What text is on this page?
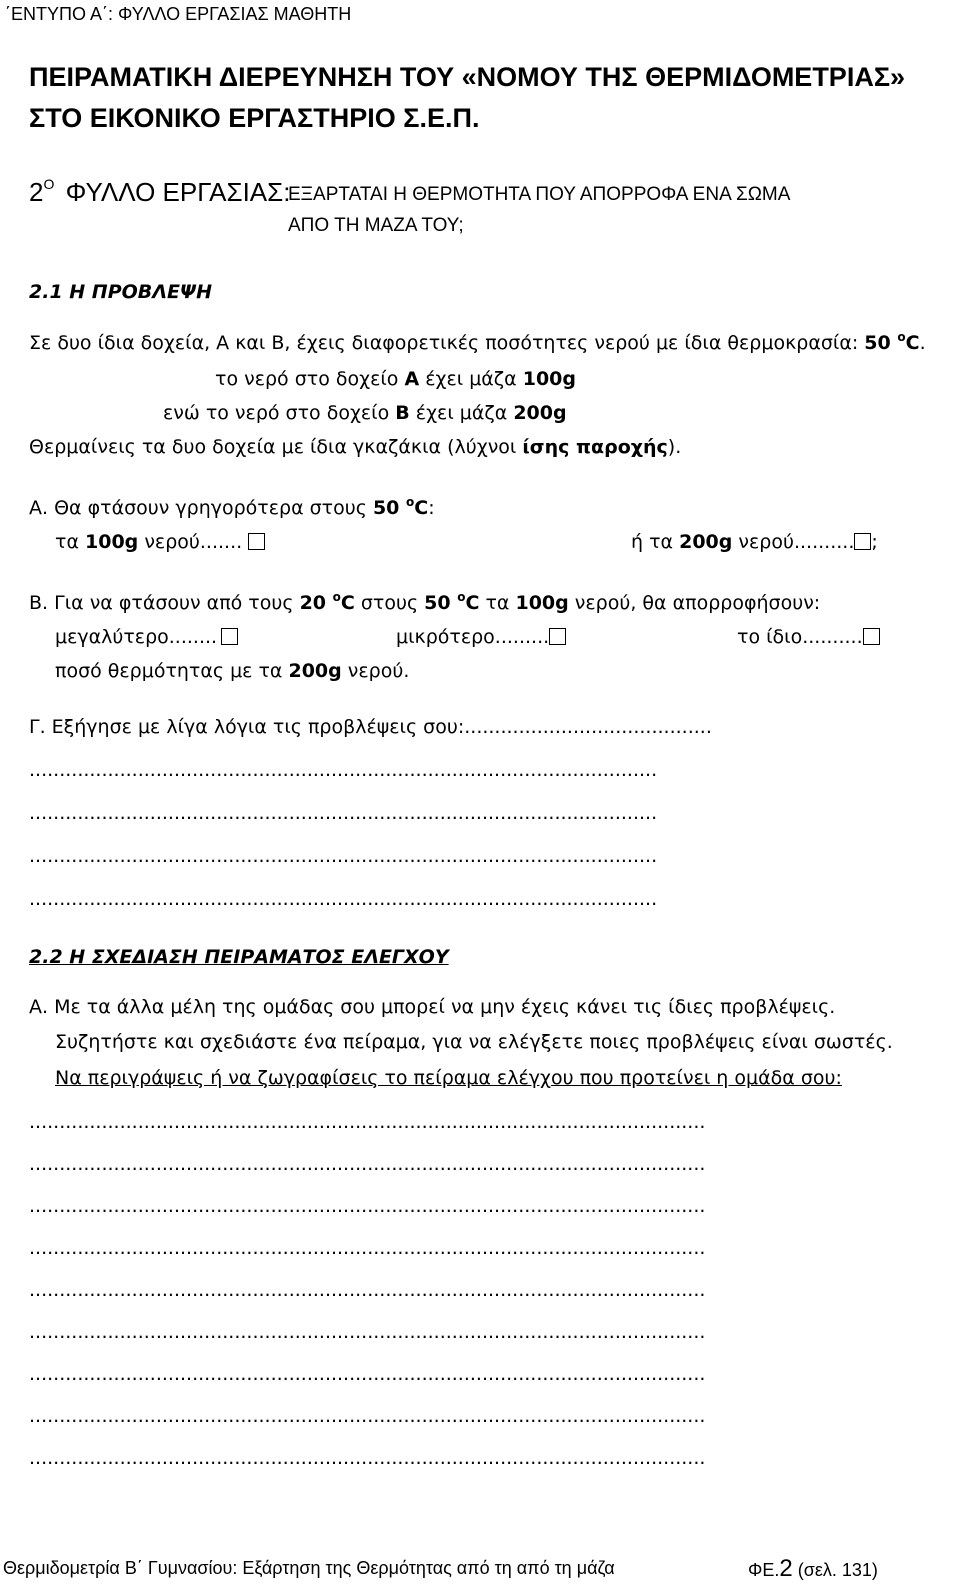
΄ΕΝΤΥΠΟ Α΄: ΦΥΛΛΟ ΕΡΓΑΣΙΑΣ ΜΑΘΗΤΗ
ΠΕΙΡΑΜΑΤΙΚΗ ΔΙΕΡΕΥΝΗΣΗ ΤΟΥ «ΝΟΜΟΥ ΤΗΣ ΘΕΡΜΙΔΟΜΕΤΡΙΑΣ»
ΣΤΟ ΕΙΚΟΝΙΚΟ ΕΡΓΑΣΤΗΡΙΟ Σ.Ε.Π.
$2^O$ ΦΥΛΛΟ ΕΡΓΑΣΙΑΣ:
ΕΞΑΡΤΑΤΑΙ Η ΘΕΡΜΟΤΗΤΑ ΠΟΥ ΑΠΟΡΡΟΦΑ ΕΝΑ ΣΩΜΑ
ΑΠΟ ΤΗ ΜΑΖΑ ΤΟΥ;
2.1 Η ΠΡΟΒΛΕΨΗ
Σε δυο ίδια δοχεία, Α και Β, έχεις διαφορετικές ποσότητες νερού με ίδια θερμοκρασία: 50 $^o$C.
το νερό στο δοχείο Α έχει μάζα 100g
ενώ το νερό στο δοχείο Β έχει μάζα 200g
Θερμαίνεις τα δυο δοχεία με ίδια γκαζάκια (λύχνοι ίσης παροχής).
Α. Θα φτάσουν γρηγορότερα στους 50 $^o$C:
τα 100g νερού.......	ή τα 200g νερού.......... ;
Β. Για να φτάσουν από τους 20 $^o$C στους 50 $^o$C τα 100g νερού, θα απορροφήσουν:
μεγαλύτερο........	μικρότερο.........	το ίδιο..........
ποσό θερμότητας με τα 200g νερού.
Γ. Εξήγησε με λίγα λόγια τις προβλέψεις σου:.........................................
........................................................................................................
........................................................................................................
........................................................................................................
........................................................................................................
2.2 Η ΣΧΕΔΙΑΣΗ ΠΕΙΡΑΜΑΤΟΣ ΕΛΕΓΧΟΥ
Α. Με τα άλλα μέλη της ομάδας σου μπορεί να μην έχεις κάνει τις ίδιες προβλέψεις.
Συζητήστε και σχεδιάστε ένα πείραμα, για να ελέγξετε ποιες προβλέψεις είναι σωστές.
Να περιγράψεις ή να ζωγραφίσεις το πείραμα ελέγχου που προτείνει η ομάδα σου:
................................................................................................................
................................................................................................................
................................................................................................................
................................................................................................................
................................................................................................................
................................................................................................................
................................................................................................................
................................................................................................................
................................................................................................................
Θερμιδομετρία Β΄ Γυμνασίου: Εξάρτηση της Θερμότητας από τη από τη μάζα	ΦΕ.2 (σελ. 131)
